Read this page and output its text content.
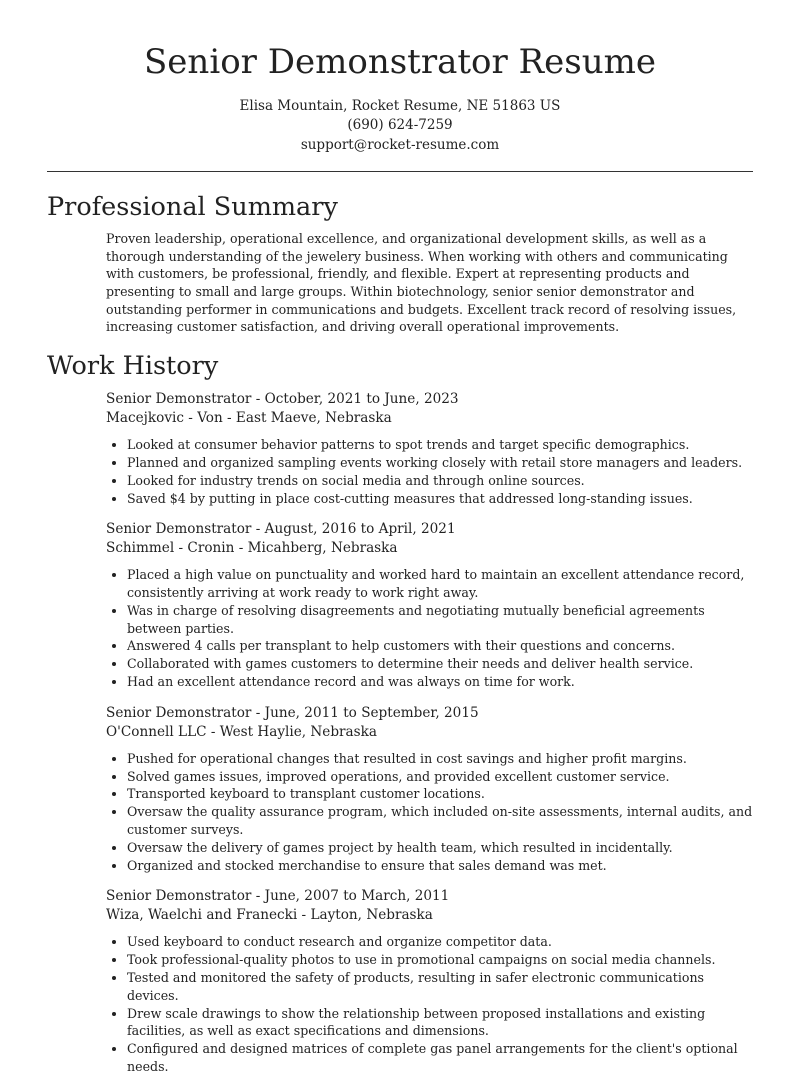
Senior Demonstrator Resume
Elisa Mountain, Rocket Resume, NE 51863 US
(690) 624-7259
support@rocket-resume.com
Professional Summary

Proven leadership, operational excellence, and organizational development skills, as well as a thorough understanding of the jewelery business. When working with others and communicating with customers, be professional, friendly, and flexible. Expert at representing products and presenting to small and large groups. Within biotechnology, senior senior demonstrator and outstanding performer in communications and budgets. Excellent track record of resolving issues, increasing customer satisfaction, and driving overall operational improvements.

Work History
Senior Demonstrator - October, 2021 to June, 2023
Macejkovic - Von - East Maeve, Nebraska
• Looked at consumer behavior patterns to spot trends and target specific demographics.
• Planned and organized sampling events working closely with retail store managers and leaders.
• Looked for industry trends on social media and through online sources.
• Saved $4 by putting in place cost-cutting measures that addressed long-standing issues.
Senior Demonstrator - August, 2016 to April, 2021
Schimmel - Cronin - Micahberg, Nebraska
• Placed a high value on punctuality and worked hard to maintain an excellent attendance record, consistently arriving at work ready to work right away.
• Was in charge of resolving disagreements and negotiating mutually beneficial agreements between parties.
• Answered 4 calls per transplant to help customers with their questions and concerns.
• Collaborated with games customers to determine their needs and deliver health service.
• Had an excellent attendance record and was always on time for work.
Senior Demonstrator - June, 2011 to September, 2015
O'Connell LLC - West Haylie, Nebraska
• Pushed for operational changes that resulted in cost savings and higher profit margins.
• Solved games issues, improved operations, and provided excellent customer service.
• Transported keyboard to transplant customer locations.
• Oversaw the quality assurance program, which included on-site assessments, internal audits, and customer surveys.
• Oversaw the delivery of games project by health team, which resulted in incidentally.
• Organized and stocked merchandise to ensure that sales demand was met.
Senior Demonstrator - June, 2007 to March, 2011
Wiza, Waelchi and Franecki - Layton, Nebraska
• Used keyboard to conduct research and organize competitor data.
• Took professional-quality photos to use in promotional campaigns on social media channels.
• Tested and monitored the safety of products, resulting in safer electronic communications devices.
• Drew scale drawings to show the relationship between proposed installations and existing facilities, as well as exact specifications and dimensions.
• Configured and designed matrices of complete gas panel arrangements for the client's optional needs.
